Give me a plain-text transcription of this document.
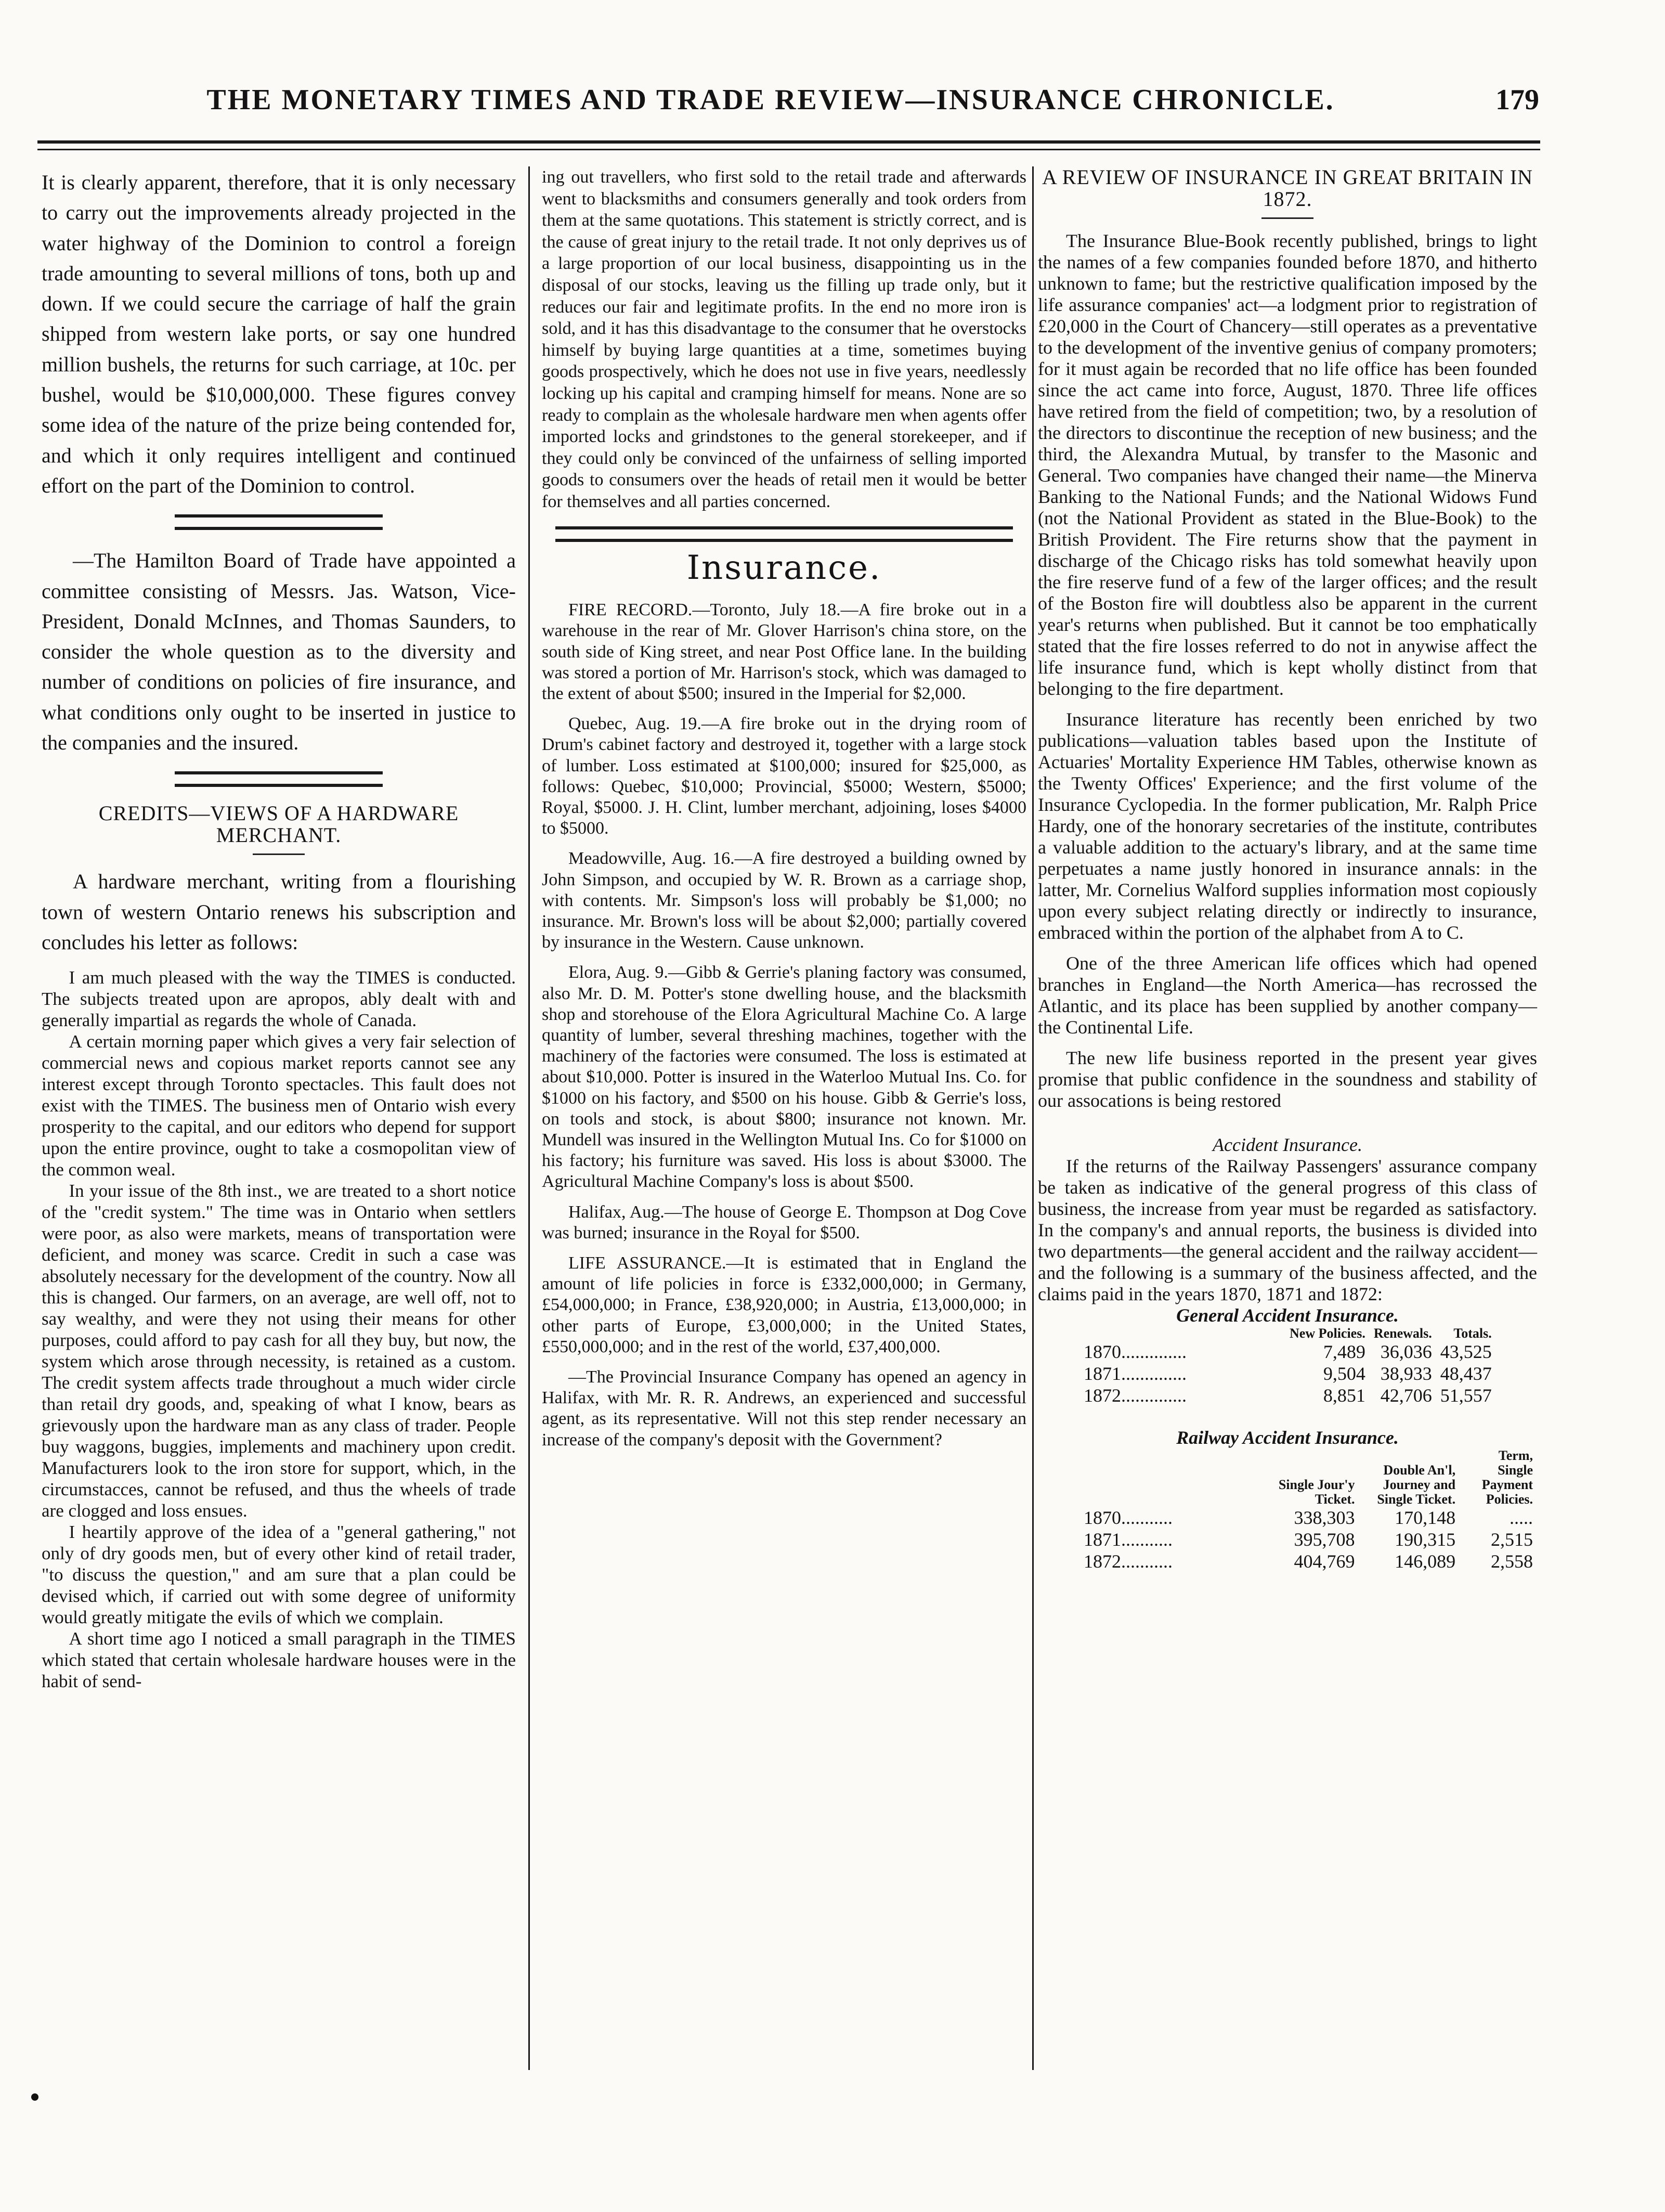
THE MONETARY TIMES AND TRADE REVIEW—INSURANCE CHRONICLE.	179

It is clearly apparent, therefore, that it is only necessary to carry out the improvements already projected in the water highway of the Dominion to control a foreign trade amounting to several millions of tons, both up and down. If we could secure the carriage of half the grain shipped from western lake ports, or say one hundred million bushels, the returns for such carriage, at 10c. per bushel, would be $10,000,000. These figures convey some idea of the nature of the prize being contended for, and which it only requires intelligent and continued effort on the part of the Dominion to control.

—The Hamilton Board of Trade have appointed a committee consisting of Messrs. Jas. Watson, Vice-President, Donald McInnes, and Thomas Saunders, to consider the whole question as to the diversity and number of conditions on policies of fire insurance, and what conditions only ought to be inserted in justice to the companies and the insured.

CREDITS—VIEWS OF A HARDWARE MERCHANT.

A hardware merchant, writing from a flourishing town of western Ontario renews his subscription and concludes his letter as follows:

I am much pleased with the way the TIMES is conducted. The subjects treated upon are apropos, ably dealt with and generally impartial as regards the whole of Canada.

A certain morning paper which gives a very fair selection of commercial news and copious market reports cannot see any interest except through Toronto spectacles. This fault does not exist with the TIMES. The business men of Ontario wish every prosperity to the capital, and our editors who depend for support upon the entire province, ought to take a cosmopolitan view of the common weal.

In your issue of the 8th inst., we are treated to a short notice of the "credit system." The time was in Ontario when settlers were poor, as also were markets, means of transportation were deficient, and money was scarce. Credit in such a case was absolutely necessary for the development of the country. Now all this is changed. Our farmers, on an average, are well off, not to say wealthy, and were they not using their means for other purposes, could afford to pay cash for all they buy, but now, the system which arose through necessity, is retained as a custom. The credit system affects trade throughout a much wider circle than retail dry goods, and, speaking of what I know, bears as grievously upon the hardware man as any class of trader. People buy waggons, buggies, implements and machinery upon credit. Manufacturers look to the iron store for support, which, in the circumstacces, cannot be refused, and thus the wheels of trade are clogged and loss ensues.

I heartily approve of the idea of a "general gathering," not only of dry goods men, but of every other kind of retail trader, "to discuss the question," and am sure that a plan could be devised which, if carried out with some degree of uniformity would greatly mitigate the evils of which we complain.

A short time ago I noticed a small paragraph in the TIMES which stated that certain wholesale hardware houses were in the habit of send-

ing out travellers, who first sold to the retail trade and afterwards went to blacksmiths and consumers generally and took orders from them at the same quotations. This statement is strictly correct, and is the cause of great injury to the retail trade. It not only deprives us of a large proportion of our local business, disappointing us in the disposal of our stocks, leaving us the filling up trade only, but it reduces our fair and legitimate profits. In the end no more iron is sold, and it has this disadvantage to the consumer that he overstocks himself by buying large quantities at a time, sometimes buying goods prospectively, which he does not use in five years, needlessly locking up his capital and cramping himself for means. None are so ready to complain as the wholesale hardware men when agents offer imported locks and grindstones to the general storekeeper, and if they could only be convinced of the unfairness of selling imported goods to consumers over the heads of retail men it would be better for themselves and all parties concerned.

Insurance.

FIRE RECORD.—Toronto, July 18.—A fire broke out in a warehouse in the rear of Mr. Glover Harrison's china store, on the south side of King street, and near Post Office lane. In the building was stored a portion of Mr. Harrison's stock, which was damaged to the extent of about $500; insured in the Imperial for $2,000.

Quebec, Aug. 19.—A fire broke out in the drying room of Drum's cabinet factory and destroyed it, together with a large stock of lumber. Loss estimated at $100,000; insured for $25,000, as follows: Quebec, $10,000; Provincial, $5000; Western, $5000; Royal, $5000. J. H. Clint, lumber merchant, adjoining, loses $4000 to $5000.

Meadowville, Aug. 16.—A fire destroyed a building owned by John Simpson, and occupied by W. R. Brown as a carriage shop, with contents. Mr. Simpson's loss will probably be $1,000; no insurance. Mr. Brown's loss will be about $2,000; partially covered by insurance in the Western. Cause unknown.

Elora, Aug. 9.—Gibb & Gerrie's planing factory was consumed, also Mr. D. M. Potter's stone dwelling house, and the blacksmith shop and storehouse of the Elora Agricultural Machine Co. A large quantity of lumber, several threshing machines, together with the machinery of the factories were consumed. The loss is estimated at about $10,000. Potter is insured in the Waterloo Mutual Ins. Co. for $1000 on his factory, and $500 on his house. Gibb & Gerrie's loss, on tools and stock, is about $800; insurance not known. Mr. Mundell was insured in the Wellington Mutual Ins. Co for $1000 on his factory; his furniture was saved. His loss is about $3000. The Agricultural Machine Company's loss is about $500.

Halifax, Aug.—The house of George E. Thompson at Dog Cove was burned; insurance in the Royal for $500.

LIFE ASSURANCE.—It is estimated that in England the amount of life policies in force is £332,000,000; in Germany, £54,000,000; in France, £38,920,000; in Austria, £13,000,000; in other parts of Europe, £3,000,000; in the United States, £550,000,000; and in the rest of the world, £37,400,000.

—The Provincial Insurance Company has opened an agency in Halifax, with Mr. R. R. Andrews, an experienced and successful agent, as its representative. Will not this step render necessary an increase of the company's deposit with the Government?

A REVIEW OF INSURANCE IN GREAT BRITAIN IN 1872.

The Insurance Blue-Book recently published, brings to light the names of a few companies founded before 1870, and hitherto unknown to fame; but the restrictive qualification imposed by the life assurance companies' act—a lodgment prior to registration of £20,000 in the Court of Chancery—still operates as a preventative to the development of the inventive genius of company promoters; for it must again be recorded that no life office has been founded since the act came into force, August, 1870. Three life offices have retired from the field of competition; two, by a resolution of the directors to discontinue the reception of new business; and the third, the Alexandra Mutual, by transfer to the Masonic and General. Two companies have changed their name—the Minerva Banking to the National Funds; and the National Widows Fund (not the National Provident as stated in the Blue-Book) to the British Provident. The Fire returns show that the payment in discharge of the Chicago risks has told somewhat heavily upon the fire reserve fund of a few of the larger offices; and the result of the Boston fire will doubtless also be apparent in the current year's returns when published. But it cannot be too emphatically stated that the fire losses referred to do not in anywise affect the life insurance fund, which is kept wholly distinct from that belonging to the fire department.

Insurance literature has recently been enriched by two publications—valuation tables based upon the Institute of Actuaries' Mortality Experience HM Tables, otherwise known as the Twenty Offices' Experience; and the first volume of the Insurance Cyclopedia. In the former publication, Mr. Ralph Price Hardy, one of the honorary secretaries of the institute, contributes a valuable addition to the actuary's library, and at the same time perpetuates a name justly honored in insurance annals: in the latter, Mr. Cornelius Walford supplies information most copiously upon every subject relating directly or indirectly to insurance, embraced within the portion of the alphabet from A to C.

One of the three American life offices which had opened branches in England—the North America—has recrossed the Atlantic, and its place has been supplied by another company—the Continental Life.

The new life business reported in the present year gives promise that public confidence in the soundness and stability of our assocations is being restored

Accident Insurance.

If the returns of the Railway Passengers' assurance company be taken as indicative of the general progress of this class of business, the increase from year must be regarded as satisfactory. In the company's and annual reports, the business is divided into two departments—the general accident and the railway accident—and the following is a summary of the business affected, and the claims paid in the years 1870, 1871 and 1872:

General Accident Insurance.

	New Policies.	Renewals.	Totals.
1870..............	7,489	36,036	43,525
1871..............	9,504	38,933	48,437
1872..............	8,851	42,706	51,557

Railway Accident Insurance.

	Single Jour'y Ticket.	Double An'l, Journey and Single Ticket.	Term, Single Payment Policies.
1870...........	338,303	170,148	.....
1871...........	395,708	190,315	2,515
1872...........	404,769	146,089	2,558
